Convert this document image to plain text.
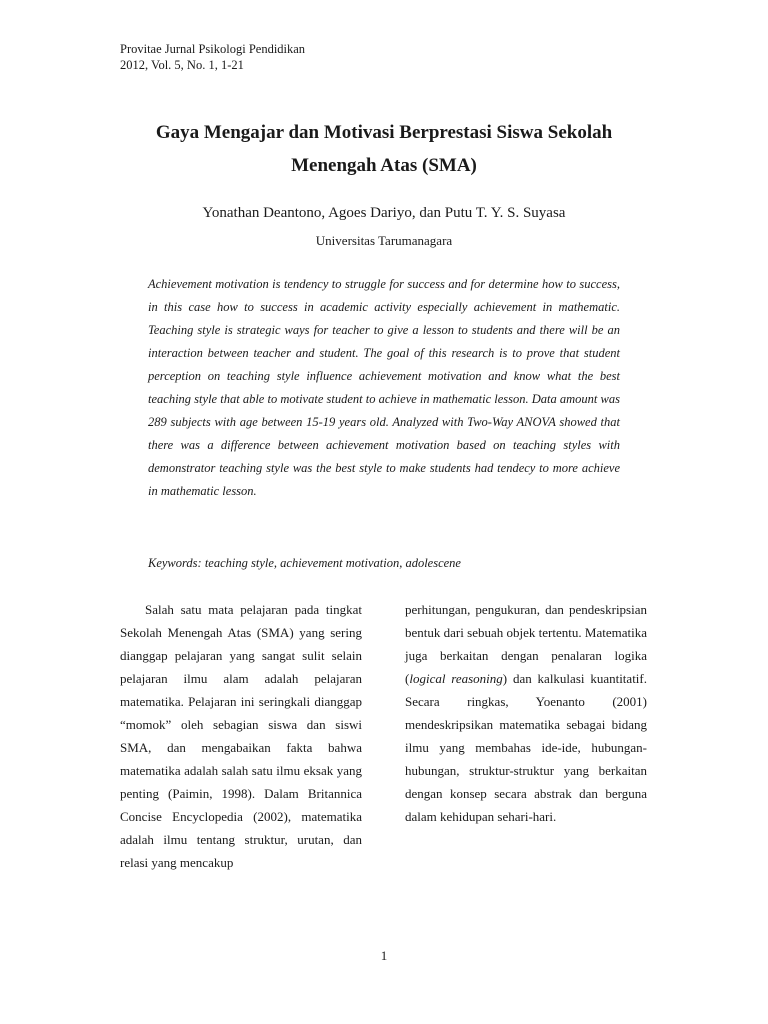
Provitae Jurnal Psikologi Pendidikan
2012, Vol. 5, No. 1, 1-21
Gaya Mengajar dan Motivasi Berprestasi Siswa Sekolah
Menengah Atas (SMA)
Yonathan Deantono, Agoes Dariyo, dan Putu T. Y. S. Suyasa
Universitas Tarumanagara

Achievement motivation is tendency to struggle for success and for determine how to success, in this case how to success in academic activity especially achievement in mathematic. Teaching style is strategic ways for teacher to give a lesson to students and there will be an interaction between teacher and student. The goal of this research is to prove that student perception on teaching style influence achievement motivation and know what the best teaching style that able to motivate student to achieve in mathematic lesson. Data amount was 289 subjects with age between 15-19 years old. Analyzed with Two-Way ANOVA showed that there was a difference between achievement motivation based on teaching styles with demonstrator teaching style was the best style to make students had tendecy to more achieve in mathematic lesson.

Keywords: teaching style, achievement motivation, adolescene

Salah satu mata pelajaran pada tingkat Sekolah Menengah Atas (SMA) yang sering dianggap pelajaran yang sangat sulit selain pelajaran ilmu alam adalah pelajaran matematika. Pelajaran ini seringkali dianggap “momok” oleh sebagian siswa dan siswi SMA, dan mengabaikan fakta bahwa matematika adalah salah satu ilmu eksak yang penting (Paimin, 1998). Dalam Britannica Concise Encyclopedia (2002), matematika adalah ilmu tentang struktur, urutan, dan relasi yang mencakup

perhitungan, pengukuran, dan pendeskripsian bentuk dari sebuah objek tertentu. Matematika juga berkaitan dengan penalaran logika (logical reasoning) dan kalkulasi kuantitatif. Secara ringkas, Yoenanto (2001) mendeskripsikan matematika sebagai bidang ilmu yang membahas ide-ide, hubungan-hubungan, struktur-struktur yang berkaitan dengan konsep secara abstrak dan berguna dalam kehidupan sehari-hari.

1
